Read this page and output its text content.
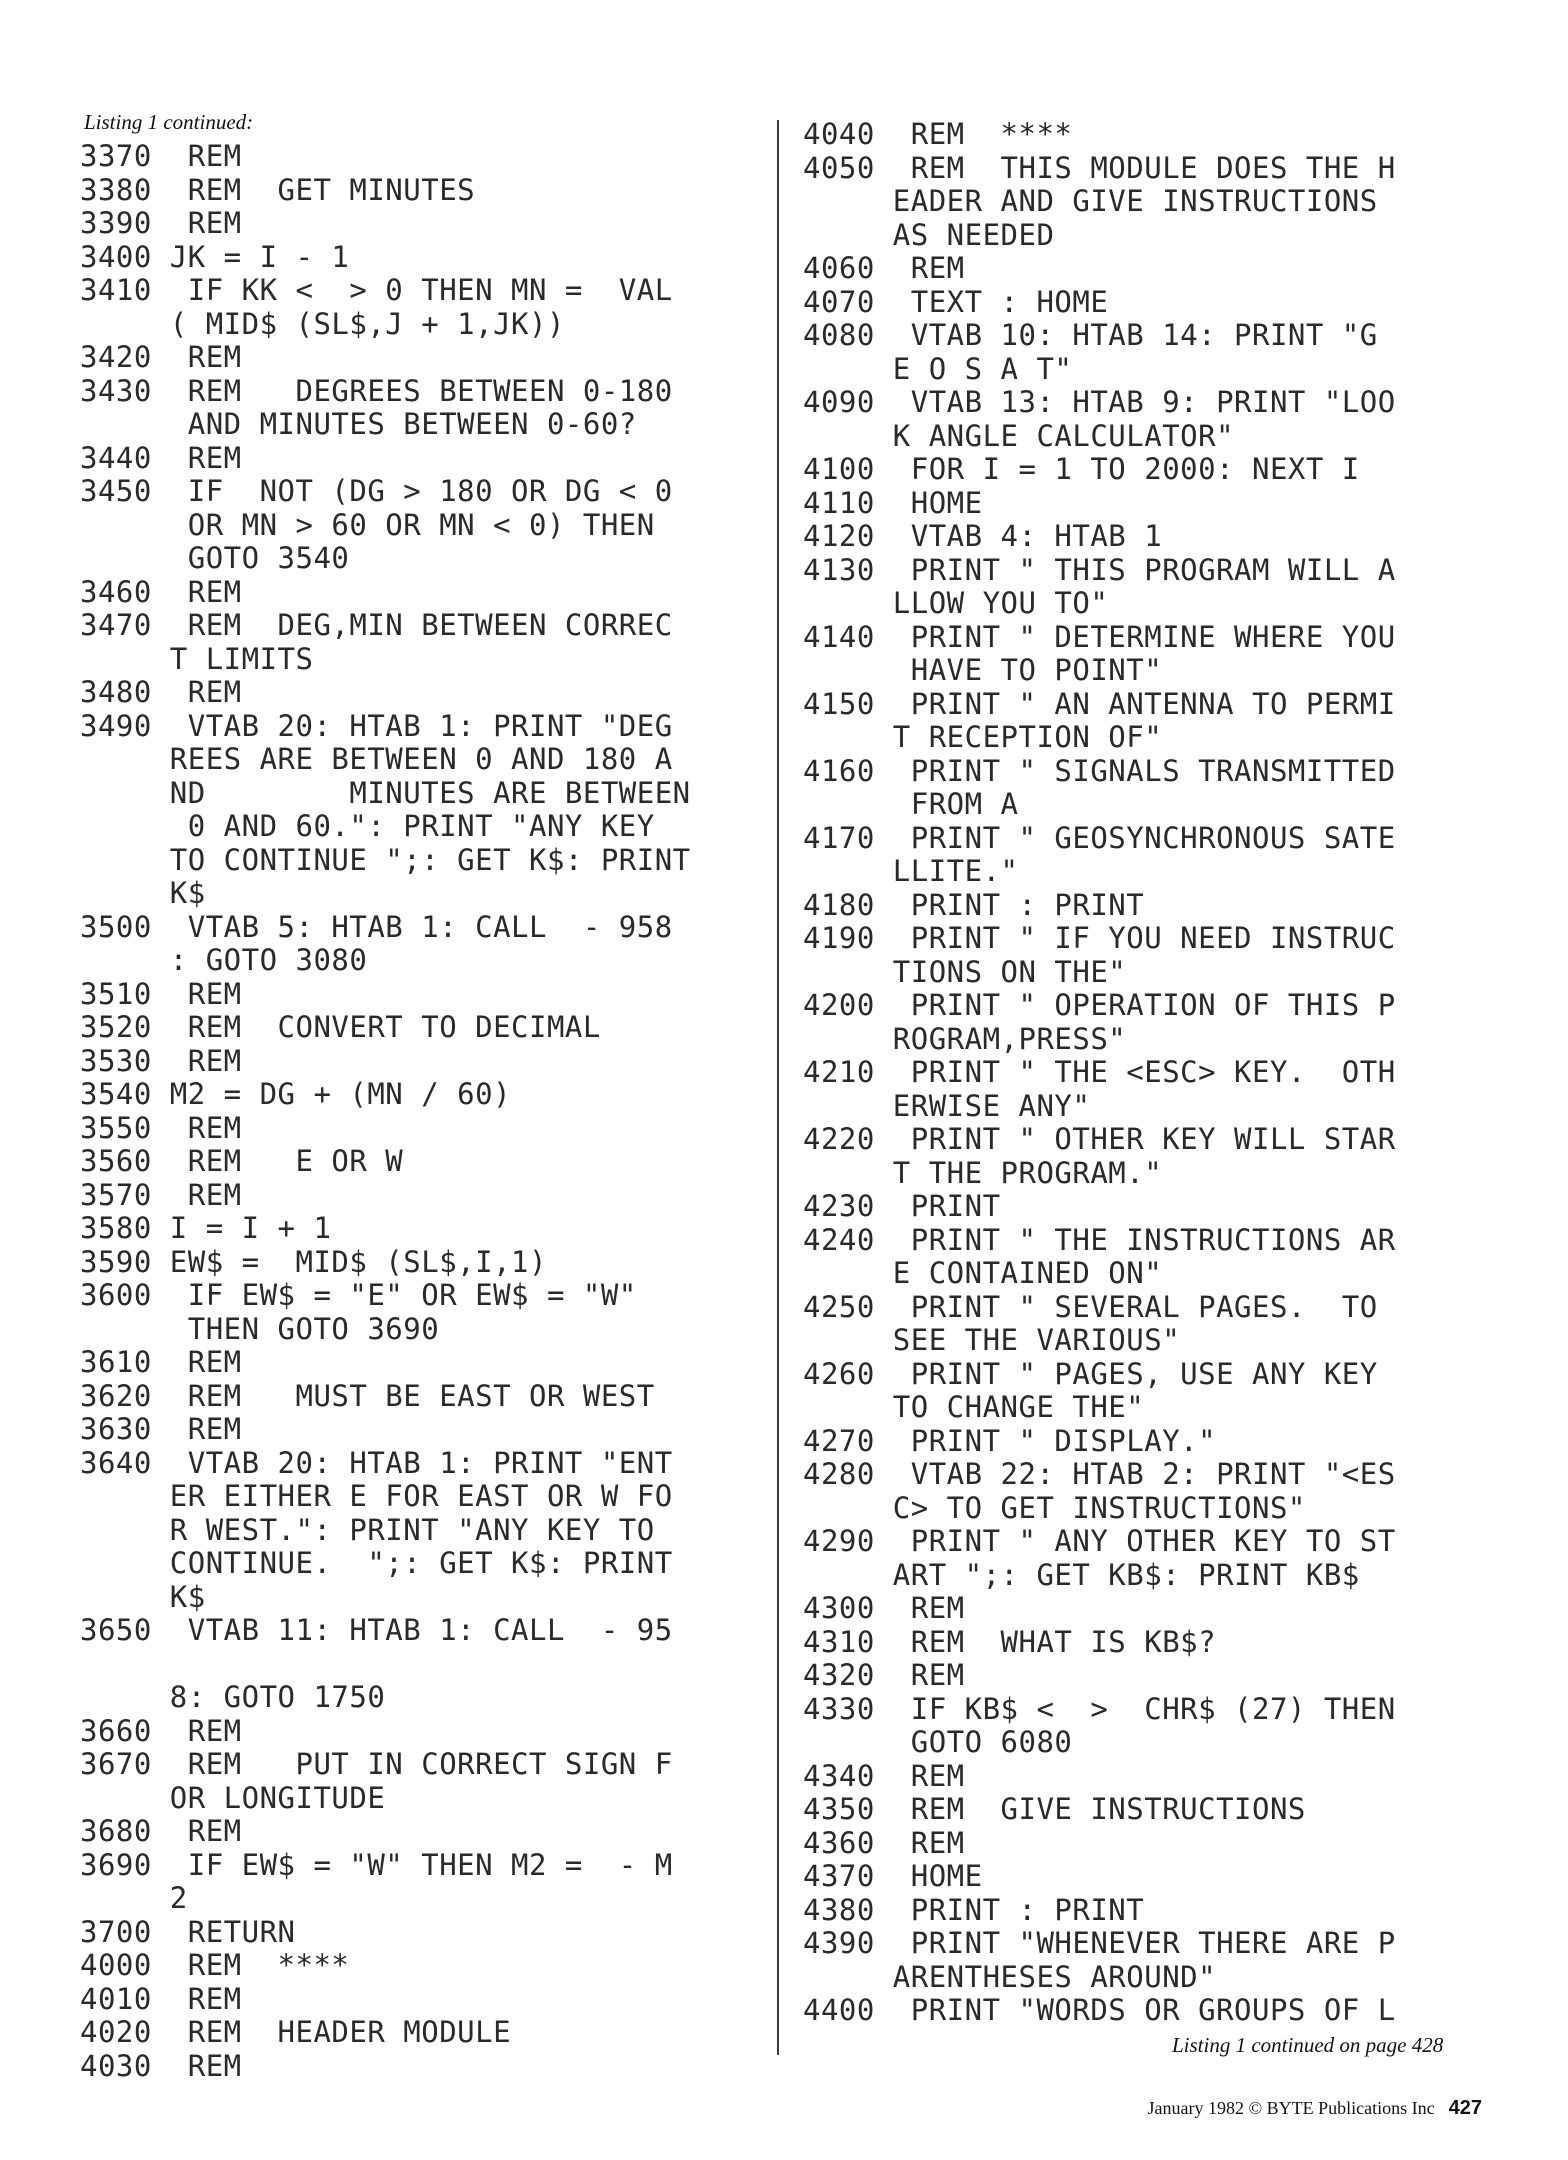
Listing 1 continued:
3370  REM
3380  REM  GET MINUTES
3390  REM
3400 JK = I - 1
3410  IF KK <  > 0 THEN MN =  VAL
( MID$ (SL$,J + 1,JK))
3420  REM
3430  REM   DEGREES BETWEEN 0-180
AND MINUTES BETWEEN 0-60?
3440  REM
3450  IF  NOT (DG > 180 OR DG < 0
OR MN > 60 OR MN < 0) THEN
GOTO 3540
3460  REM
3470  REM  DEG,MIN BETWEEN CORREC
T LIMITS
3480  REM
3490  VTAB 20: HTAB 1: PRINT "DEG
REES ARE BETWEEN 0 AND 180 A
ND        MINUTES ARE BETWEEN
0 AND 60.": PRINT "ANY KEY
TO CONTINUE ";: GET K$: PRINT
K$
3500  VTAB 5: HTAB 1: CALL  - 958
: GOTO 3080
3510  REM
3520  REM  CONVERT TO DECIMAL
3530  REM
3540 M2 = DG + (MN / 60)
3550  REM
3560  REM   E OR W
3570  REM
3580 I = I + 1
3590 EW$ =  MID$ (SL$,I,1)
3600  IF EW$ = "E" OR EW$ = "W"
THEN GOTO 3690
3610  REM
3620  REM   MUST BE EAST OR WEST
3630  REM
3640  VTAB 20: HTAB 1: PRINT "ENT
ER EITHER E FOR EAST OR W FO
R WEST.": PRINT "ANY KEY TO
CONTINUE.  ";: GET K$: PRINT
K$
3650  VTAB 11: HTAB 1: CALL  - 95
8: GOTO 1750
3660  REM
3670  REM   PUT IN CORRECT SIGN F
OR LONGITUDE
3680  REM
3690  IF EW$ = "W" THEN M2 =  - M
2
3700  RETURN
4000  REM  ****
4010  REM
4020  REM  HEADER MODULE
4030  REM
4040  REM  ****
4050  REM  THIS MODULE DOES THE H
EADER AND GIVE INSTRUCTIONS
AS NEEDED
4060  REM
4070  TEXT : HOME
4080  VTAB 10: HTAB 14: PRINT "G
E O S A T"
4090  VTAB 13: HTAB 9: PRINT "LOO
K ANGLE CALCULATOR"
4100  FOR I = 1 TO 2000: NEXT I
4110  HOME
4120  VTAB 4: HTAB 1
4130  PRINT " THIS PROGRAM WILL A
LLOW YOU TO"
4140  PRINT " DETERMINE WHERE YOU
HAVE TO POINT"
4150  PRINT " AN ANTENNA TO PERMI
T RECEPTION OF"
4160  PRINT " SIGNALS TRANSMITTED
FROM A
4170  PRINT " GEOSYNCHRONOUS SATE
LLITE."
4180  PRINT : PRINT
4190  PRINT " IF YOU NEED INSTRUC
TIONS ON THE"
4200  PRINT " OPERATION OF THIS P
ROGRAM,PRESS"
4210  PRINT " THE <ESC> KEY.  OTH
ERWISE ANY"
4220  PRINT " OTHER KEY WILL STAR
T THE PROGRAM."
4230  PRINT
4240  PRINT " THE INSTRUCTIONS AR
E CONTAINED ON"
4250  PRINT " SEVERAL PAGES.  TO
SEE THE VARIOUS"
4260  PRINT " PAGES, USE ANY KEY
TO CHANGE THE"
4270  PRINT " DISPLAY."
4280  VTAB 22: HTAB 2: PRINT "<ES
C> TO GET INSTRUCTIONS"
4290  PRINT " ANY OTHER KEY TO ST
ART ";: GET KB$: PRINT KB$
4300  REM
4310  REM  WHAT IS KB$?
4320  REM
4330  IF KB$ <  >  CHR$ (27) THEN
GOTO 6080
4340  REM
4350  REM  GIVE INSTRUCTIONS
4360  REM
4370  HOME
4380  PRINT : PRINT
4390  PRINT "WHENEVER THERE ARE P
ARENTHESES AROUND"
4400  PRINT "WORDS OR GROUPS OF L
Listing 1 continued on page 428
January 1982 © BYTE Publications Inc 427
